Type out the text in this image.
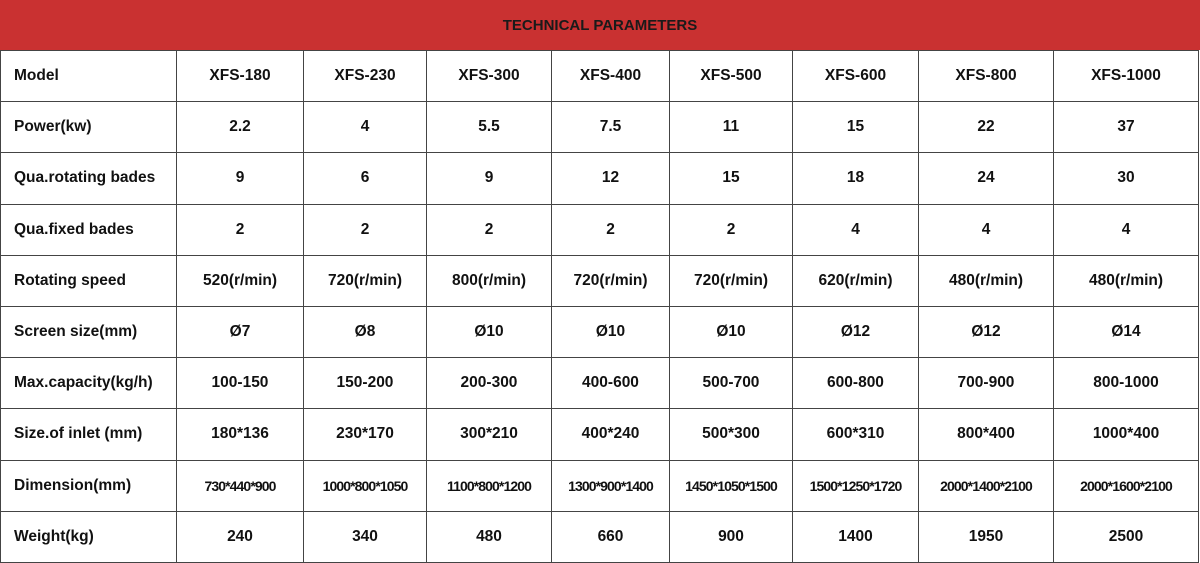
TECHNICAL PARAMETERS
Model	XFS-180	XFS-230	XFS-300	XFS-400	XFS-500	XFS-600	XFS-800	XFS-1000
Power(kw)	2.2	4	5.5	7.5	11	15	22	37
Qua.rotating bades	9	6	9	12	15	18	24	30
Qua.fixed bades	2	2	2	2	2	4	4	4
Rotating speed	520(r/min)	720(r/min)	800(r/min)	720(r/min)	720(r/min)	620(r/min)	480(r/min)	480(r/min)
Screen size(mm)	Ø7	Ø8	Ø10	Ø10	Ø10	Ø12	Ø12	Ø14
Max.capacity(kg/h)	100-150	150-200	200-300	400-600	500-700	600-800	700-900	800-1000
Size.of inlet (mm)	180*136	230*170	300*210	400*240	500*300	600*310	800*400	1000*400
Dimension(mm)	730*440*900	1000*800*1050	1100*800*1200	1300*900*1400	1450*1050*1500	1500*1250*1720	2000*1400*2100	2000*1600*2100
Weight(kg)	240	340	480	660	900	1400	1950	2500
